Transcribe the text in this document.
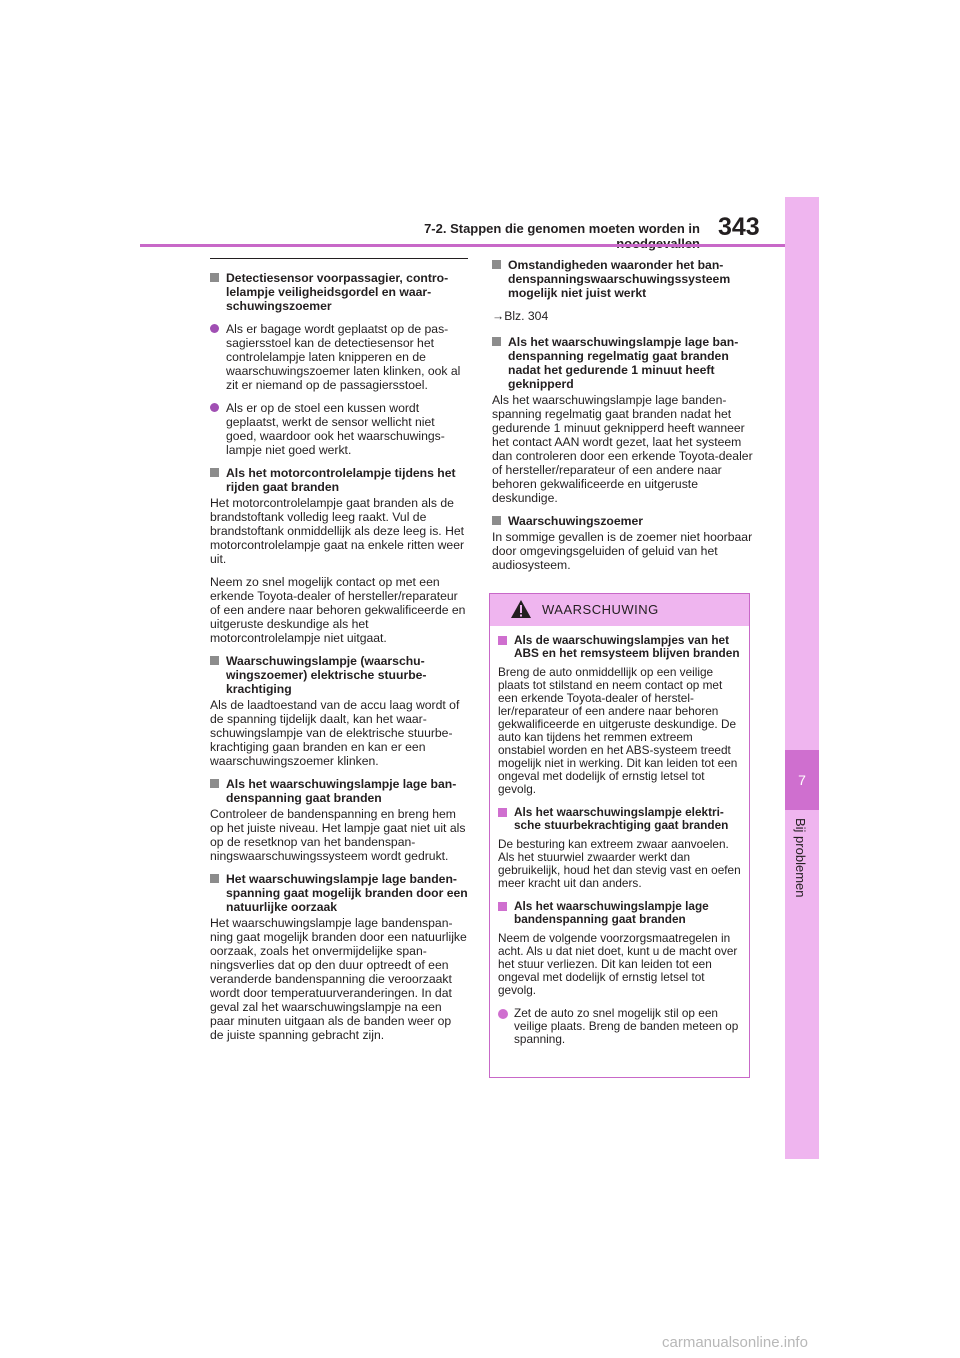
7-2. Stappen die genomen moeten worden in 343
7
Bij problemen
Detectiesensor voorpassagier, controlelampje veiligheidsgordel en waarschuwingszoemer
Als er bagage wordt geplaatst op de passagiersstoel kan de detectiesensor het controlelampje laten knipperen en de waarschuwingszoemer laten klinken, ook al zit er niemand op de passagiersstoel.
Als er op de stoel een kussen wordt geplaatst, werkt de sensor wellicht niet goed, waardoor ook het waarschuwingslampje niet goed werkt.
Als het motorcontrolelampje tijdens het rijden gaat branden

Het motorcontrolelampje gaat branden als de brandstoftank volledig leeg raakt. Vul de brandstoftank onmiddellijk als deze leeg is. Het motorcontrolelampje gaat na enkele ritten weer uit.

Neem zo snel mogelijk contact op met een erkende Toyota-dealer of hersteller/reparateur of een andere naar behoren gekwalificeerde en uitgeruste deskundige als het motorcontrolelampje niet uitgaat.

Waarschuwingslampje (waarschuwingszoemer) elektrische stuurbekrachtiging

Als de laadtoestand van de accu laag wordt of de spanning tijdelijk daalt, kan het waarschuwingslampje van de elektrische stuurbekrachtiging gaan branden en kan er een waarschuwingszoemer klinken.

Als het waarschuwingslampje lage bandenspanning gaat branden

Controleer de bandenspanning en breng hem op het juiste niveau. Het lampje gaat niet uit als op de resetknop van het bandenspanningswaarschuwingssysteem wordt gedrukt.

Het waarschuwingslampje lage bandenspanning gaat mogelijk branden door een natuurlijke oorzaak

Het waarschuwingslampje lage bandenspanning gaat mogelijk branden door een natuurlijke oorzaak, zoals het onvermijdelijke spanningsverlies dat op den duur optreedt of een veranderde bandenspanning die veroorzaakt wordt door temperatuurveranderingen. In dat geval zal het waarschuwingslampje na een paar minuten uitgaan als de banden weer op de juiste spanning gebracht zijn.

Omstandigheden waaronder het bandenspanningswaarschuwingssysteem mogelijk niet juist werkt

→Blz. 304

Als het waarschuwingslampje lage bandenspanning regelmatig gaat branden nadat het gedurende 1 minuut heeft geknipperd

Als het waarschuwingslampje lage bandenspanning regelmatig gaat branden nadat het gedurende 1 minuut geknipperd heeft wanneer het contact AAN wordt gezet, laat het systeem dan controleren door een erkende Toyota-dealer of hersteller/reparateur of een andere naar behoren gekwalificeerde en uitgeruste deskundige.

Waarschuwingszoemer

In sommige gevallen is de zoemer niet hoorbaar door omgevingsgeluiden of geluid van het audiosysteem.

WAARSCHUWING
Als de waarschuwingslampjes van het ABS en het remsysteem blijven branden

Breng de auto onmiddellijk op een veilige plaats tot stilstand en neem contact op met een erkende Toyota-dealer of hersteller/reparateur of een andere naar behoren gekwalificeerde en uitgeruste deskundige. De auto kan tijdens het remmen extreem onstabiel worden en het ABS-systeem treedt mogelijk niet in werking. Dit kan leiden tot een ongeval met dodelijk of ernstig letsel tot gevolg.

Als het waarschuwingslampje elektrische stuurbekrachtiging gaat branden

De besturing kan extreem zwaar aanvoelen. Als het stuurwiel zwaarder werkt dan gebruikelijk, houd het dan stevig vast en oefen meer kracht uit dan anders.

Als het waarschuwingslampje lage bandenspanning gaat branden

Neem de volgende voorzorgsmaatregelen in acht. Als u dat niet doet, kunt u de macht over het stuur verliezen. Dit kan leiden tot een ongeval met dodelijk of ernstig letsel tot gevolg.

Zet de auto zo snel mogelijk stil op een veilige plaats. Breng de banden meteen op spanning.
carmanualsonline.info
